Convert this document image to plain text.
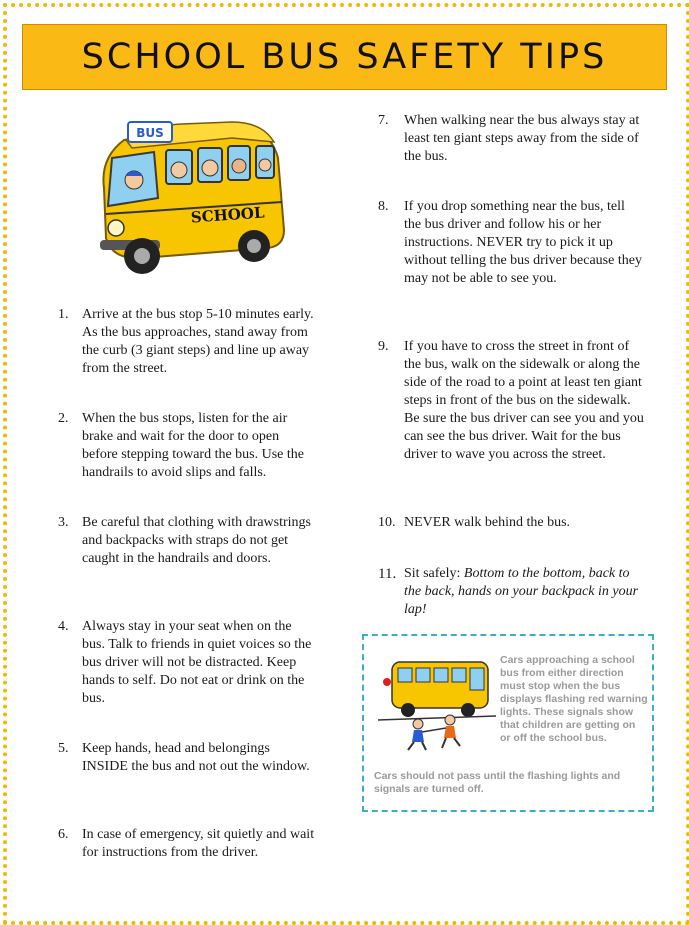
SCHOOL BUS SAFETY TIPS
BUS
SCHOOL
1. Arrive at the bus stop 5-10 minutes early. As the bus approaches, stand away from the curb (3 giant steps) and line up away from the street.
2. When the bus stops, listen for the air brake and wait for the door to open before stepping toward the bus. Use the handrails to avoid slips and falls.
3. Be careful that clothing with drawstrings and backpacks with straps do not get caught in the handrails and doors.
4. Always stay in your seat when on the bus. Talk to friends in quiet voices so the bus driver will not be distracted. Keep hands to self. Do not eat or drink on the bus.
5. Keep hands, head and belongings INSIDE the bus and not out the window.
6. In case of emergency, sit quietly and wait for instructions from the driver.
7. When walking near the bus always stay at least ten giant steps away from the side of the bus.
8. If you drop something near the bus, tell the bus driver and follow his or her instructions. NEVER try to pick it up without telling the bus driver because they may not be able to see you.
9. If you have to cross the street in front of the bus, walk on the sidewalk or along the side of the road to a point at least ten giant steps in front of the bus on the sidewalk. Be sure the bus driver can see you and you can see the bus driver. Wait for the bus driver to wave you across the street.
10. NEVER walk behind the bus.
11. Sit safely: Bottom to the bottom, back to the back, hands on your backpack in your lap!
Cars approaching a school bus from either direction must stop when the bus displays flashing red warning lights. These signals show that children are getting on or off the school bus.
Cars should not pass until the flashing lights and signals are turned off.
